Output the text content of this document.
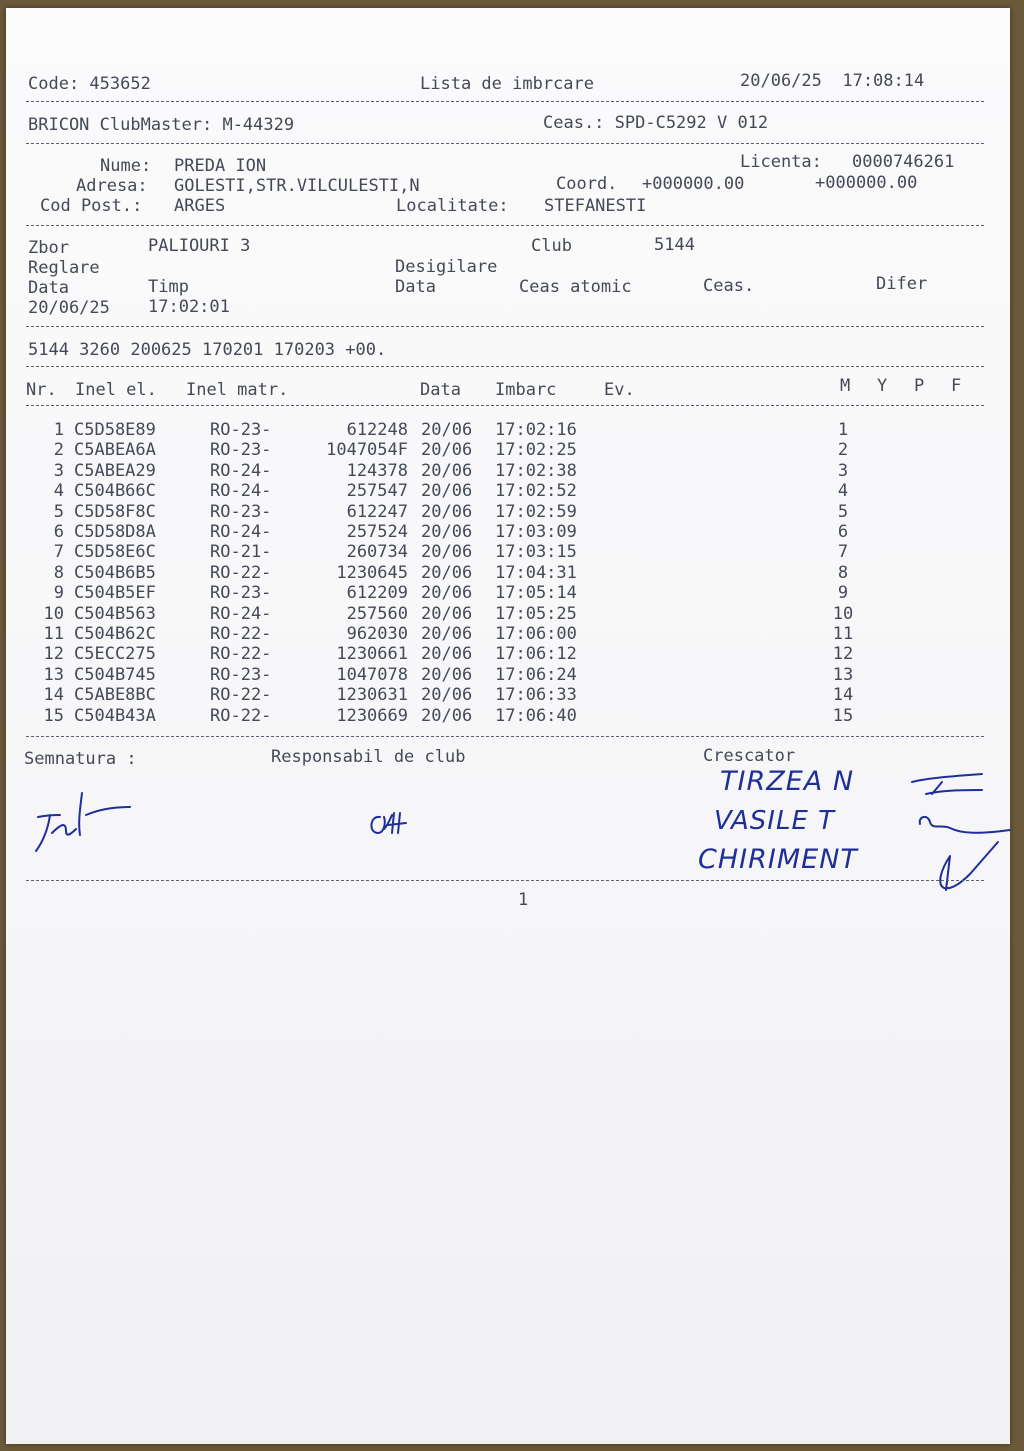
Code: 453652	Lista de imbrcare	20/06/25  17:08:14
BRICON ClubMaster: M-44329	Ceas.: SPD-C5292 V 012
Nume: PREDA ION	Licenta: 0000746261
Adresa: GOLESTI,STR.VILCULESTI,N	Coord. +000000.00	+000000.00
Cod Post.: ARGES	Localitate: STEFANESTI
Zbor	PALIOURI 3	Club	5144
Reglare	Desigilare
Data	Timp	Data	Ceas atomic	Ceas.	Difer
20/06/25 17:02:01
5144 3260 200625 170201 170203 +00.
Nr. Inel el. Inel matr.	Data Imbarc	Ev.	M Y P F
1 C5D58E89	RO-23-	612248 20/06 17:02:16	1
2 C5ABEA6A	RO-23-	1047054F 20/06 17:02:25	2
3 C5ABEA29	RO-24-	124378 20/06 17:02:38	3
4 C504B66C	RO-24-	257547 20/06 17:02:52	4
5 C5D58F8C	RO-23-	612247 20/06 17:02:59	5
6 C5D58D8A	RO-24-	257524 20/06 17:03:09	6
7 C5D58E6C	RO-21-	260734 20/06 17:03:15	7
8 C504B6B5	RO-22-	1230645 20/06 17:04:31	8
9 C504B5EF	RO-23-	612209 20/06 17:05:14	9
10 C504B563	RO-24-	257560 20/06 17:05:25	10
11 C504B62C	RO-22-	962030 20/06 17:06:00	11
12 C5ECC275	RO-22-	1230661 20/06 17:06:12	12
13 C504B745	RO-23-	1047078 20/06 17:06:24	13
14 C5ABE8BC	RO-22-	1230631 20/06 17:06:33	14
15 C504B43A	RO-22-	1230669 20/06 17:06:40	15
Semnatura :	Responsabil de club	Crescator
TIRZEA N
VASILE T
CHIRIMENT
1
